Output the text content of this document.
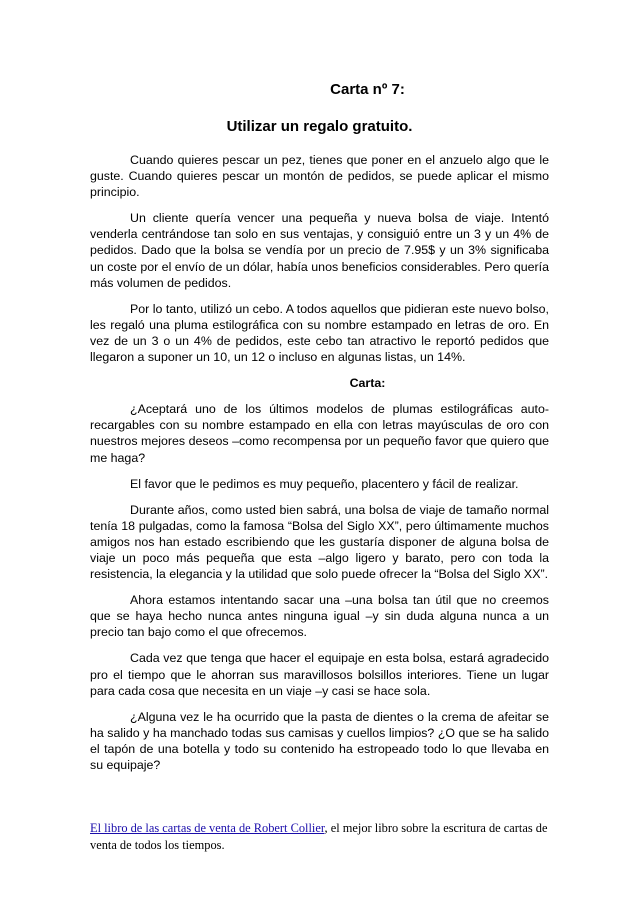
Carta nº 7:

Utilizar un regalo gratuito.

Cuando quieres pescar un pez, tienes que poner en el anzuelo algo que le guste. Cuando quieres pescar un montón de pedidos, se puede aplicar el mismo principio.

Un cliente quería vencer una pequeña y nueva bolsa de viaje. Intentó venderla centrándose tan solo en sus ventajas, y consiguió entre un 3 y un 4% de pedidos. Dado que la bolsa se vendía por un precio de 7.95$ y un 3% significaba un coste por el envío de un dólar, había unos beneficios considerables. Pero quería más volumen de pedidos.

Por lo tanto, utilizó un cebo. A todos aquellos que pidieran este nuevo bolso, les regaló una pluma estilográfica con su nombre estampado en letras de oro. En vez de un 3 o un 4% de pedidos, este cebo tan atractivo le reportó pedidos que llegaron a suponer un 10, un 12 o incluso en algunas listas, un 14%.

Carta:

¿Aceptará uno de los últimos modelos de plumas estilográficas auto-recargables con su nombre estampado en ella con letras mayúsculas de oro con nuestros mejores deseos –como recompensa por un pequeño favor que quiero que me haga?

El favor que le pedimos es muy pequeño, placentero y fácil de realizar.

Durante años, como usted bien sabrá, una bolsa de viaje de tamaño normal tenía 18 pulgadas, como la famosa “Bolsa del Siglo XX”, pero últimamente muchos amigos nos han estado escribiendo que les gustaría disponer de alguna bolsa de viaje un poco más pequeña que esta –algo ligero y barato, pero con toda la resistencia, la elegancia y la utilidad que solo puede ofrecer la “Bolsa del Siglo XX”.

Ahora estamos intentando sacar una –una bolsa tan útil que no creemos que se haya hecho nunca antes ninguna igual –y sin duda alguna nunca a un precio tan bajo como el que ofrecemos.

Cada vez que tenga que hacer el equipaje en esta bolsa, estará agradecido pro el tiempo que le ahorran sus maravillosos bolsillos interiores. Tiene un lugar para cada cosa que necesita en un viaje –y casi se hace sola.

¿Alguna vez le ha ocurrido que la pasta de dientes o la crema de afeitar se ha salido y ha manchado todas sus camisas y cuellos limpios? ¿O que se ha salido el tapón de una botella y todo su contenido ha estropeado todo lo que llevaba en su equipaje?

El libro de las cartas de venta de Robert Collier, el mejor libro sobre la escritura de cartas de venta de todos los tiempos.
